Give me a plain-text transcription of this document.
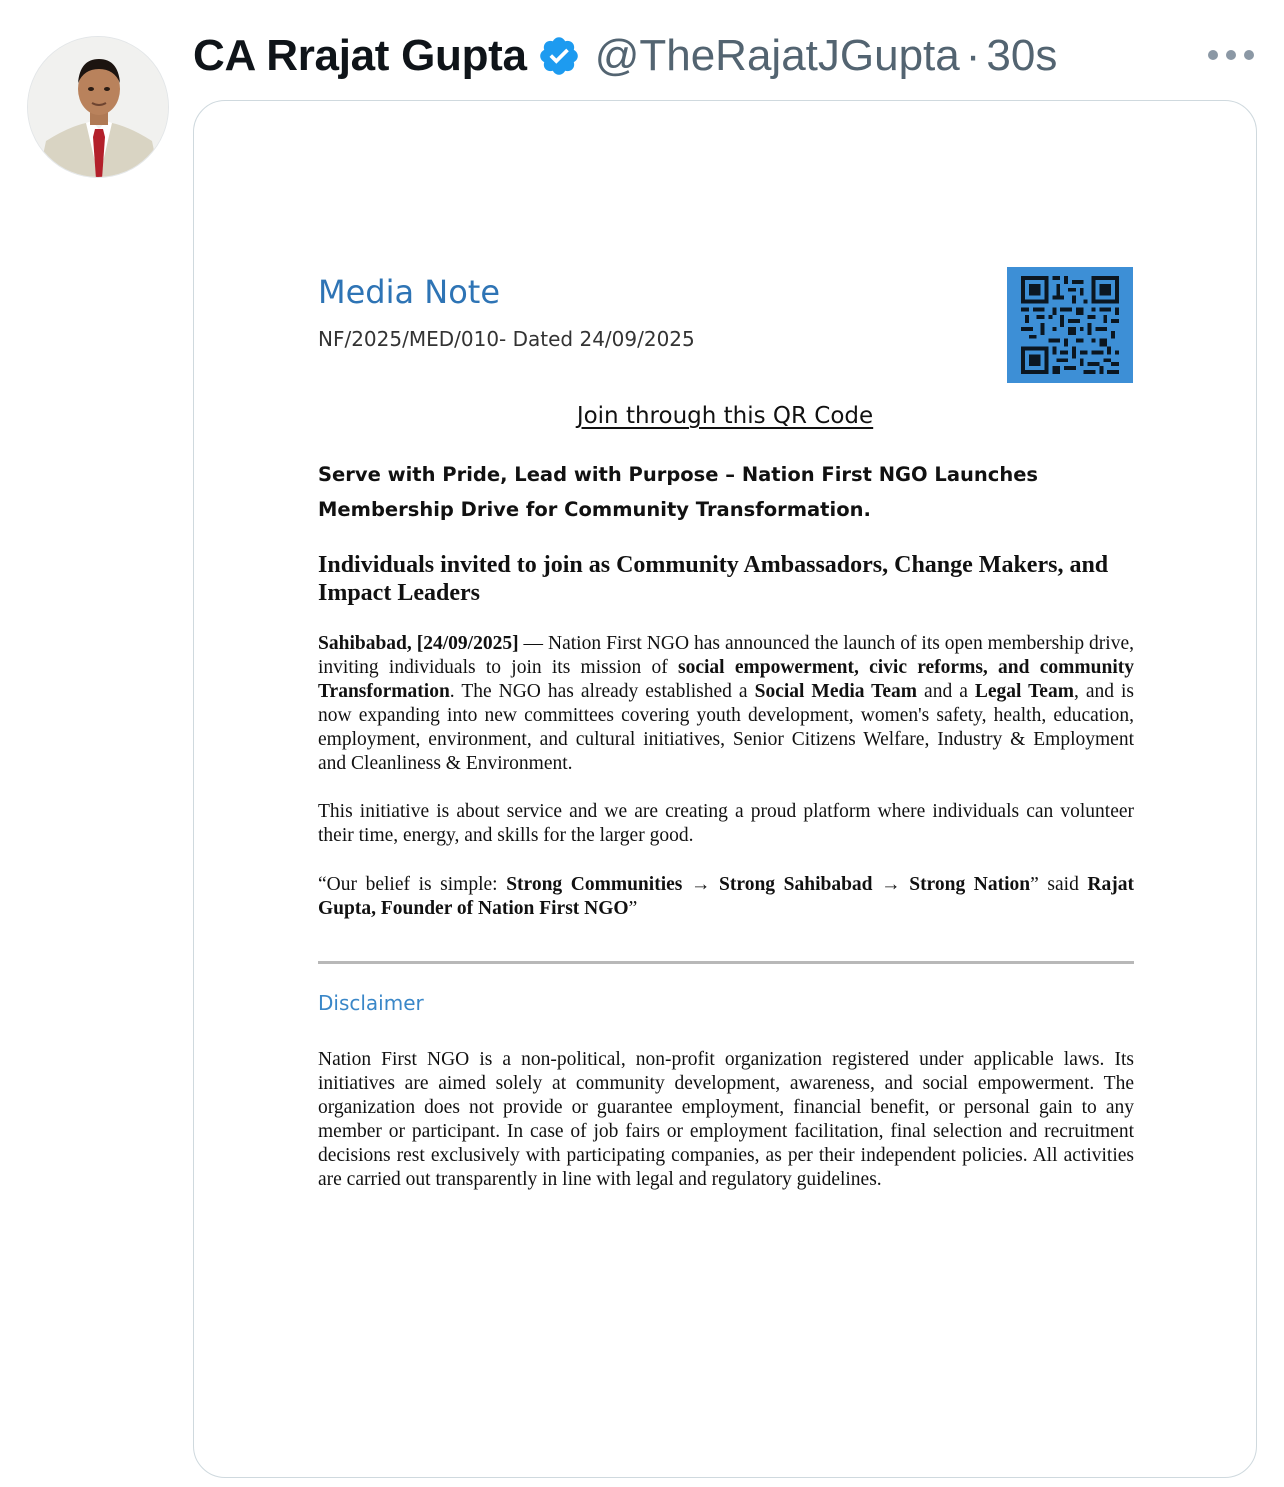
CA Rrajat Gupta @TheRajatJGupta · 30s
Media Note
NF/2025/MED/010- Dated 24/09/2025
Join through this QR Code
Serve with Pride, Lead with Purpose – Nation First NGO Launches Membership Drive for Community Transformation.
Individuals invited to join as Community Ambassadors, Change Makers, and Impact Leaders
Sahibabad, [24/09/2025] — Nation First NGO has announced the launch of its open membership drive, inviting individuals to join its mission of social empowerment, civic reforms, and community Transformation. The NGO has already established a Social Media Team and a Legal Team, and is now expanding into new committees covering youth development, women's safety, health, education, employment, environment, and cultural initiatives, Senior Citizens Welfare, Industry & Employment and Cleanliness & Environment.
This initiative is about service and we are creating a proud platform where individuals can volunteer their time, energy, and skills for the larger good.
“Our belief is simple: Strong Communities → Strong Sahibabad → Strong Nation” said Rajat Gupta, Founder of Nation First NGO”
Disclaimer
Nation First NGO is a non-political, non-profit organization registered under applicable laws. Its initiatives are aimed solely at community development, awareness, and social empowerment. The organization does not provide or guarantee employment, financial benefit, or personal gain to any member or participant. In case of job fairs or employment facilitation, final selection and recruitment decisions rest exclusively with participating companies, as per their independent policies. All activities are carried out transparently in line with legal and regulatory guidelines.
